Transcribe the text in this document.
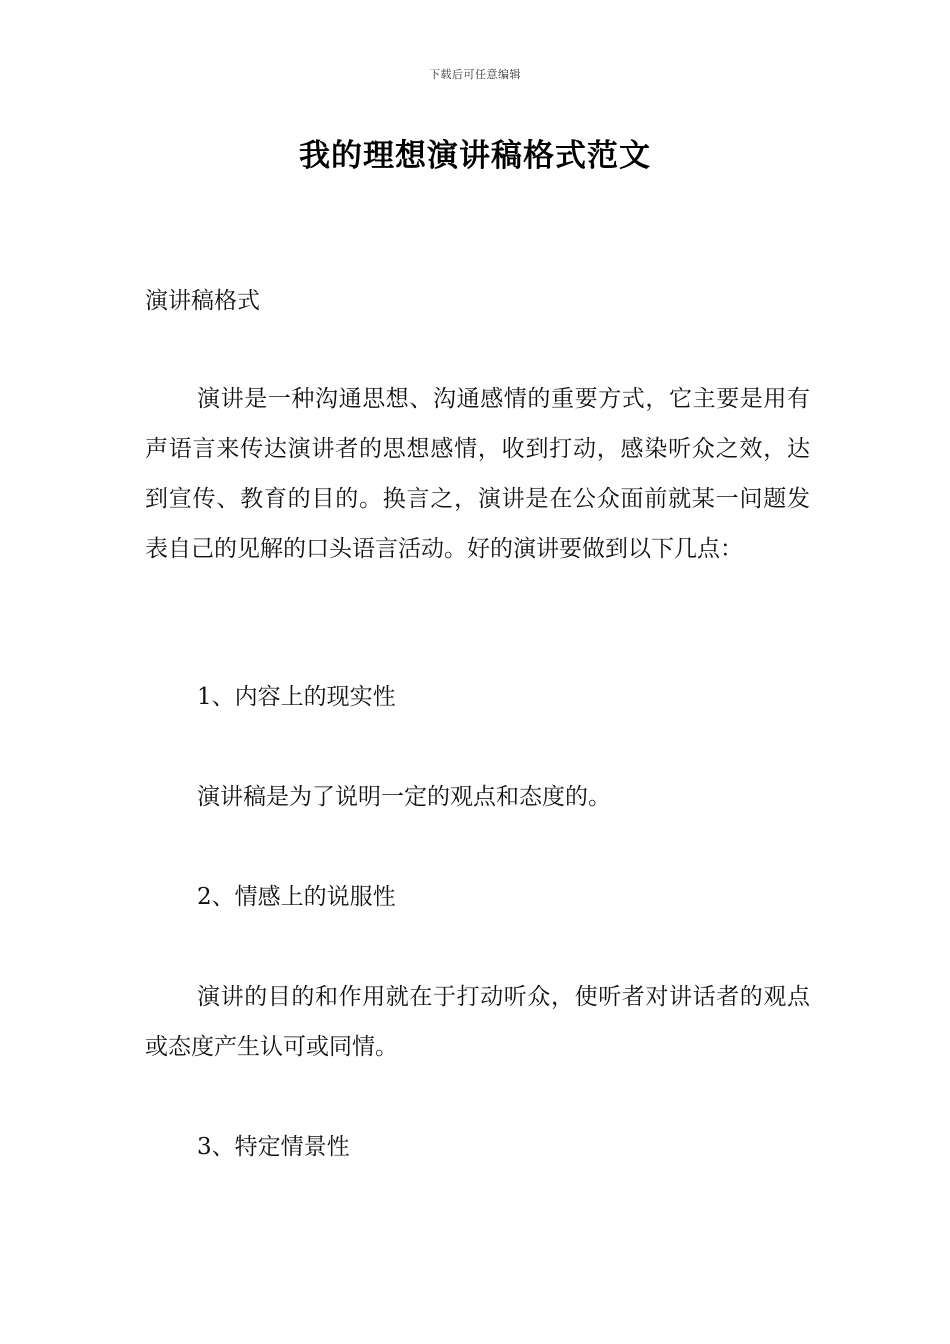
下载后可任意编辑
我的理想演讲稿格式范文
演讲稿格式
演讲是一种沟通思想、沟通感情的重要方式，它主要是用有声语言来传达演讲者的思想感情，收到打动，感染听众之效，达到宣传、教育的目的。换言之，演讲是在公众面前就某一问题发表自己的见解的口头语言活动。好的演讲要做到以下几点：
1、内容上的现实性
演讲稿是为了说明一定的观点和态度的。
2、情感上的说服性
演讲的目的和作用就在于打动听众，使听者对讲话者的观点或态度产生认可或同情。
3、特定情景性
